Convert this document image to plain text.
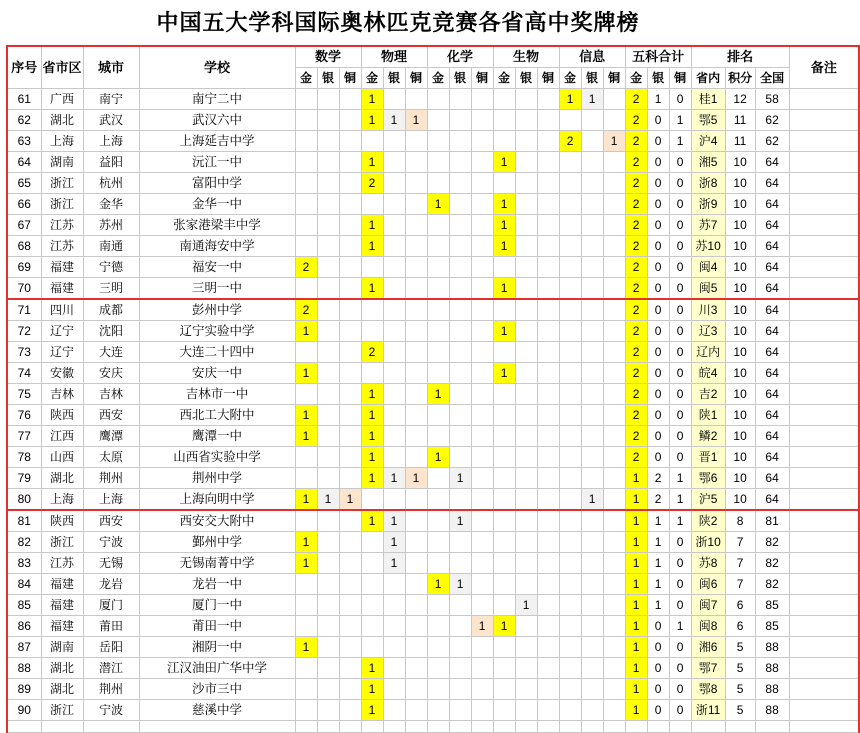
中国五大学科国际奥林匹克竞赛各省高中奖牌榜
序号	省市区	城市	学校	数学			物理			化学			生物			信息			五科合计			排名			备注
				金	银	铜	金	银	铜	金	银	铜	金	银	铜	金	银	铜	金	银	铜	省内	积分	全国	
61	广西	南宁	南宁二中				1									1	1		2	1	0	桂1	12	58	
62	湖北	武汉	武汉六中				1	1	1										2	0	1	鄂5	11	62	
63	上海	上海	上海延吉中学													2		1	2	0	1	沪4	11	62	
64	湖南	益阳	沅江一中				1						1						2	0	0	湘5	10	64	
65	浙江	杭州	富阳中学				2												2	0	0	浙8	10	64	
66	浙江	金华	金华一中							1			1						2	0	0	浙9	10	64	
67	江苏	苏州	张家港梁丰中学				1						1						2	0	0	苏7	10	64	
68	江苏	南通	南通海安中学				1						1						2	0	0	苏10	10	64	
69	福建	宁德	福安一中	2															2	0	0	闽4	10	64	
70	福建	三明	三明一中				1						1						2	0	0	闽5	10	64	
71	四川	成都	彭州中学	2															2	0	0	川3	10	64	
72	辽宁	沈阳	辽宁实验中学	1									1						2	0	0	辽3	10	64	
73	辽宁	大连	大连二十四中				2												2	0	0	辽内	10	64	
74	安徽	安庆	安庆一中	1									1						2	0	0	皖4	10	64	
75	吉林	吉林	吉林市一中				1			1									2	0	0	吉2	10	64	
76	陕西	西安	西北工大附中	1			1												2	0	0	陕1	10	64	
77	江西	鹰潭	鹰潭一中	1			1												2	0	0	鳞2	10	64	
78	山西	太原	山西省实验中学				1			1									2	0	0	晋1	10	64	
79	湖北	荆州	荆州中学				1	1	1		1								1	2	1	鄂6	10	64	
80	上海	上海	上海向明中学	1	1	1											1		1	2	1	沪5	10	64	
81	陕西	西安	西安交大附中				1	1			1								1	1	1	陕2	8	81	
82	浙江	宁波	鄞州中学	1				1											1	1	0	浙10	7	82	
83	江苏	无锡	无锡南菁中学	1				1											1	1	0	苏8	7	82	
84	福建	龙岩	龙岩一中							1	1								1	1	0	闽6	7	82	
85	福建	厦门	厦门一中											1					1	1	0	闽7	6	85	
86	福建	莆田	莆田一中									1	1						1	0	1	闽8	6	85	
87	湖南	岳阳	湘阴一中	1															1	0	0	湘6	5	88	
88	湖北	潜江	江汉油田广华中学				1												1	0	0	鄂7	5	88	
89	湖北	荆州	沙市三中				1												1	0	0	鄂8	5	88	
90	浙江	宁波	慈溪中学				1												1	0	0	浙11	5	88	
